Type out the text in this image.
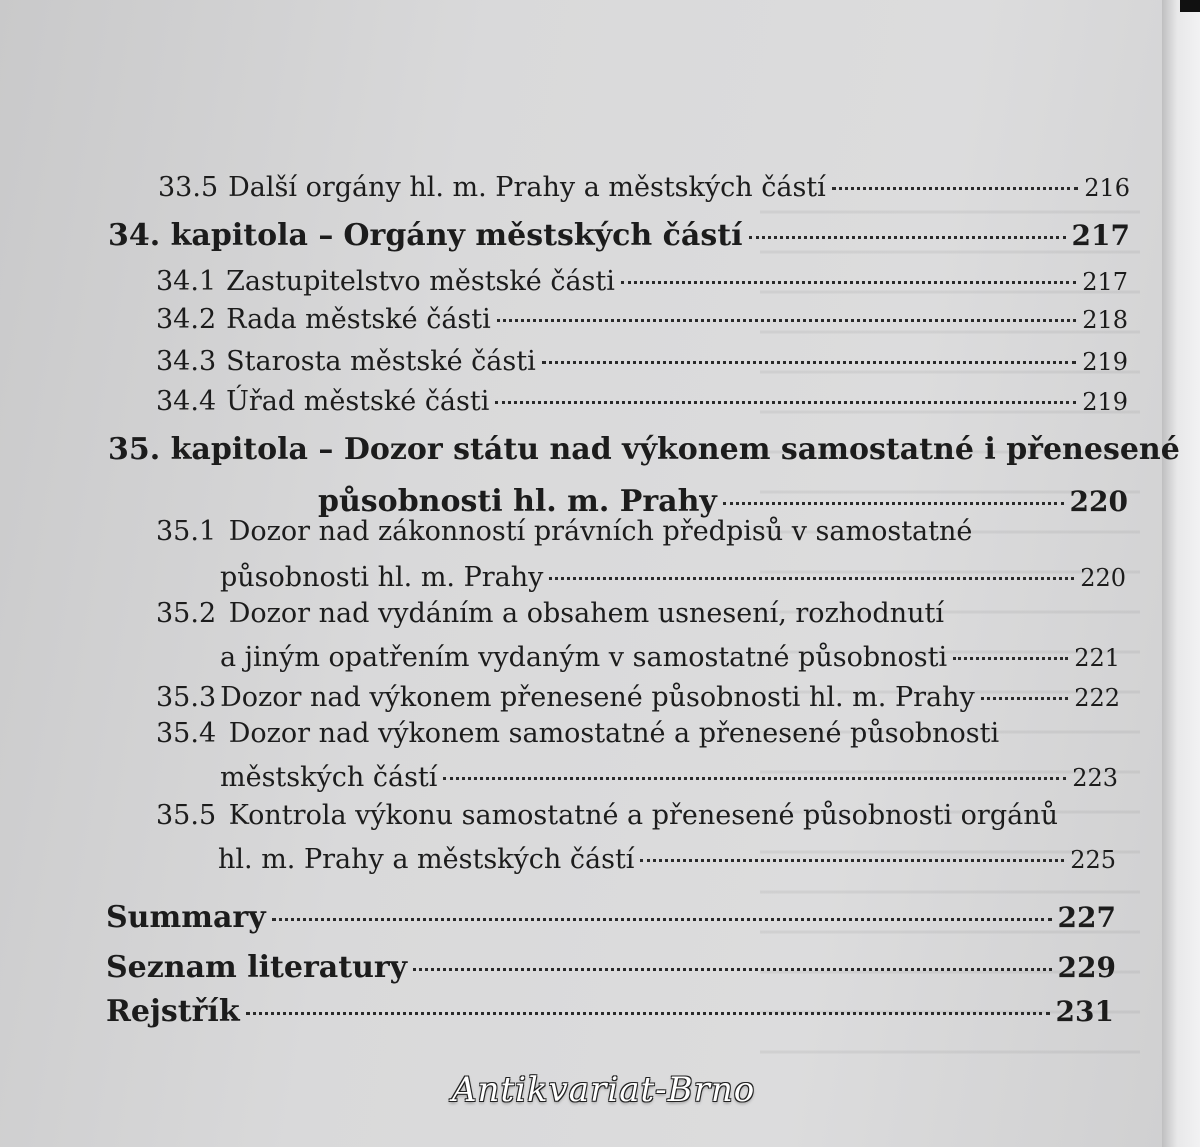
33.5 Další orgány hl. m. Prahy a městských částí	216
34. kapitola – Orgány městských částí	217
34.1 Zastupitelstvo městské části	217
34.2 Rada městské části	218
34.3 Starosta městské části	219
34.4 Úřad městské části	219
35. kapitola – Dozor státu nad výkonem samostatné i přenesené
působnosti hl. m. Prahy	220
35.1 Dozor nad zákonností právních předpisů v samostatné
působnosti hl. m. Prahy	220
35.2 Dozor nad vydáním a obsahem usnesení, rozhodnutí
a jiným opatřením vydaným v samostatné působnosti	221
35.3 Dozor nad výkonem přenesené působnosti hl. m. Prahy	222
35.4 Dozor nad výkonem samostatné a přenesené působnosti
městských částí	223
35.5 Kontrola výkonu samostatné a přenesené působnosti orgánů
hl. m. Prahy a městských částí	225
Summary	227
Seznam literatury	229
Rejstřík	231
Antikvariat-Brno
